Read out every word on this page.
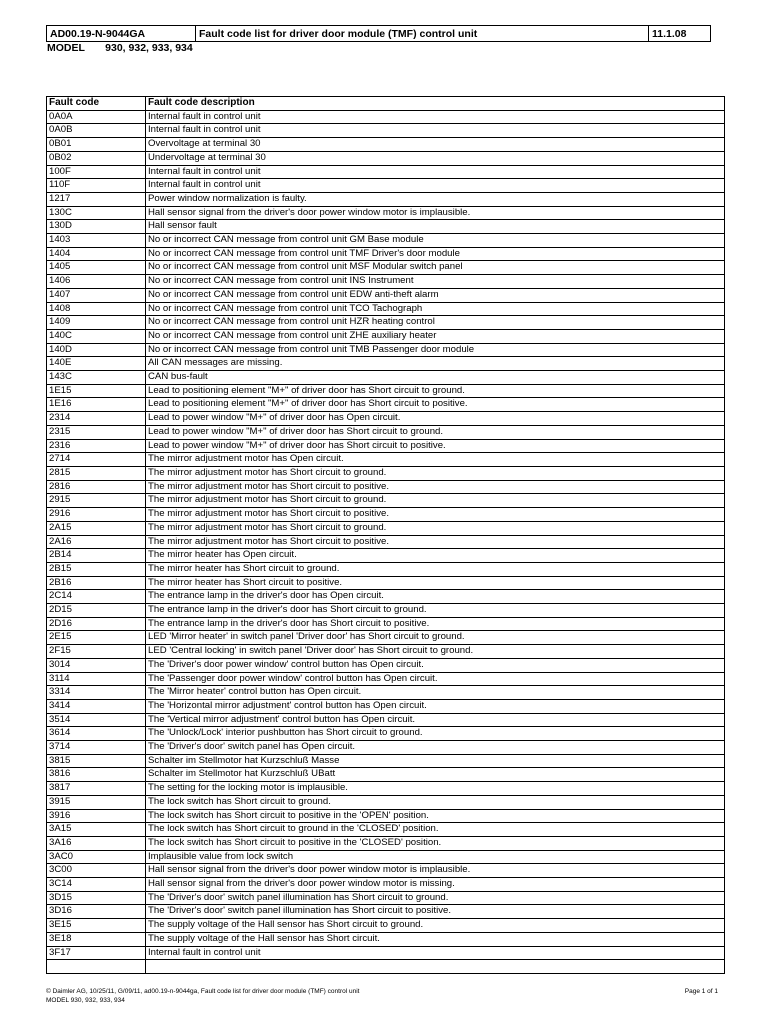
AD00.19-N-9044GA	Fault code list for driver door module (TMF) control unit	11.1.08
MODEL 930, 932, 933, 934
Fault code	Fault code description
0A0A	Internal fault in control unit
0A0B	Internal fault in control unit
0B01	Overvoltage at terminal 30
0B02	Undervoltage at terminal 30
100F	Internal fault in control unit
110F	Internal fault in control unit
1217	Power window normalization is faulty.
130C	Hall sensor signal from the driver's door power window motor is implausible.
130D	Hall sensor fault
1403	No or incorrect CAN message from control unit GM Base module
1404	No or incorrect CAN message from control unit TMF Driver's door module
1405	No or incorrect CAN message from control unit MSF Modular switch panel
1406	No or incorrect CAN message from control unit INS Instrument
1407	No or incorrect CAN message from control unit EDW anti-theft alarm
1408	No or incorrect CAN message from control unit TCO Tachograph
1409	No or incorrect CAN message from control unit HZR heating control
140C	No or incorrect CAN message from control unit ZHE auxiliary heater
140D	No or incorrect CAN message from control unit TMB Passenger door module
140E	All CAN messages are missing.
143C	CAN bus-fault
1E15	Lead to positioning element "M+" of driver door has Short circuit to ground.
1E16	Lead to positioning element "M+" of driver door has Short circuit to positive.
2314	Lead to power window "M+" of driver door has Open circuit.
2315	Lead to power window "M+" of driver door has Short circuit to ground.
2316	Lead to power window "M+" of driver door has Short circuit to positive.
2714	The mirror adjustment motor has Open circuit.
2815	The mirror adjustment motor has Short circuit to ground.
2816	The mirror adjustment motor has Short circuit to positive.
2915	The mirror adjustment motor has Short circuit to ground.
2916	The mirror adjustment motor has Short circuit to positive.
2A15	The mirror adjustment motor has Short circuit to ground.
2A16	The mirror adjustment motor has Short circuit to positive.
2B14	The mirror heater has Open circuit.
2B15	The mirror heater has Short circuit to ground.
2B16	The mirror heater has Short circuit to positive.
2C14	The entrance lamp in the driver's door has Open circuit.
2D15	The entrance lamp in the driver's door has Short circuit to ground.
2D16	The entrance lamp in the driver's door has Short circuit to positive.
2E15	LED 'Mirror heater' in switch panel 'Driver door' has Short circuit to ground.
2F15	LED 'Central locking' in switch panel 'Driver door' has Short circuit to ground.
3014	The 'Driver's door power window' control button has Open circuit.
3114	The 'Passenger door power window' control button has Open circuit.
3314	The 'Mirror heater' control button has Open circuit.
3414	The 'Horizontal mirror adjustment' control button has Open circuit.
3514	The 'Vertical mirror adjustment' control button has Open circuit.
3614	The 'Unlock/Lock' interior pushbutton has Short circuit to ground.
3714	The 'Driver's door' switch panel has Open circuit.
3815	Schalter im Stellmotor hat Kurzschluß Masse
3816	Schalter im Stellmotor hat Kurzschluß UBatt
3817	The setting for the locking motor is implausible.
3915	The lock switch has Short circuit to ground.
3916	The lock switch has Short circuit to positive in the 'OPEN' position.
3A15	The lock switch has Short circuit to ground in the 'CLOSED' position.
3A16	The lock switch has Short circuit to positive in the 'CLOSED' position.
3AC0	Implausible value from lock switch
3C00	Hall sensor signal from the driver's door power window motor is implausible.
3C14	Hall sensor signal from the driver's door power window motor is missing.
3D15	The 'Driver's door' switch panel illumination has Short circuit to ground.
3D16	The 'Driver's door' switch panel illumination has Short circuit to positive.
3E15	The supply voltage of the Hall sensor has Short circuit to ground.
3E18	The supply voltage of the Hall sensor has Short circuit.
3F17	Internal fault in control unit

© Daimler AG, 10/25/11, G/09/11, ad00.19-n-9044ga, Fault code list for driver door module (TMF) control unit
MODEL 930, 932, 933, 934
Page 1 of 1
